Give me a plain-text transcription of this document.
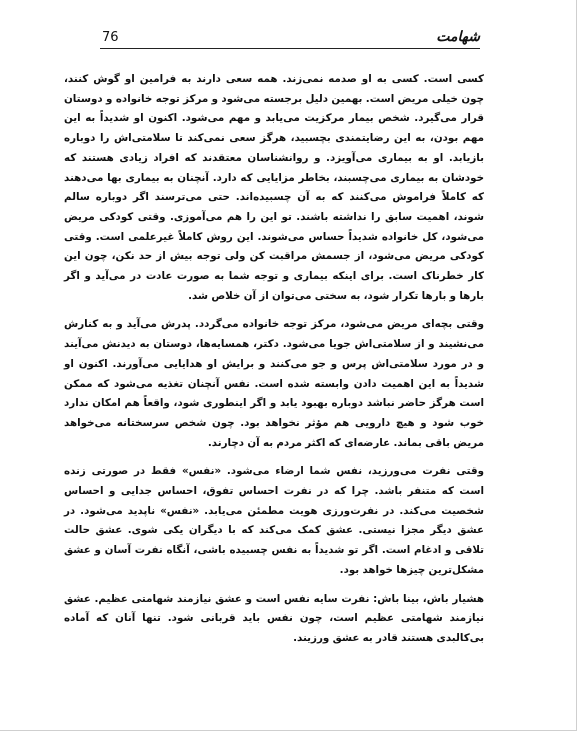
76	شهامت

کسی است. کسی به او صدمه نمی‌زند. همه سعی دارند به فرامین او گوش کنند، چون خیلی مریض است. بهمین دلیل برجسته می‌شود و مرکز توجه خانواده و دوستان قرار می‌گیرد. شخص بیمار مرکزیت می‌یابد و مهم می‌شود. اکنون او شدیداً به این مهم بودن، به این رضایتمندی بچسبید، هرگز سعی نمی‌کند تا سلامتی‌اش را دوباره بازیابد. او به بیماری می‌آویزد. و روانشناسان معتقدند که افراد زیادی هستند که خودشان به بیماری می‌چسبند، بخاطر مزایایی که دارد. آنچنان به بیماری بها می‌دهند که کاملاً فراموش می‌کنند که به آن چسبیده‌اند. حتی می‌ترسند اگر دوباره سالم شوند، اهمیت سابق را نداشته باشند. تو این را هم می‌آموزی. وقتی کودکی مریض می‌شود، کل خانواده شدیداً حساس می‌شوند. این روش کاملاً غیرعلمی است. وقتی کودکی مریض می‌شود، از جسمش مراقبت کن ولی توجه بیش از حد نکن، چون این کار خطرناک است. برای اینکه بیماری و توجه شما به صورت عادت در می‌آید و اگر بارها و بارها تکرار شود، به سختی می‌توان از آن خلاص شد.

وقتی بچه‌ای مریض می‌شود، مرکز توجه خانواده می‌گردد. پدرش می‌آید و به کنارش می‌نشیند و از سلامتی‌اش جویا می‌شود. دکتر، همسایه‌ها، دوستان به دیدنش می‌آیند و در مورد سلامتی‌اش پرس و جو می‌کنند و برایش او هدایایی می‌آورند. اکنون او شدیداً به این اهمیت دادن وابسته شده است. نفس آنچنان تغذیه می‌شود که ممکن است هرگز حاضر نباشد دوباره بهبود یابد و اگر اینطوری شود، واقعاً هم امکان ندارد خوب شود و هیچ دارویی هم مؤثر نخواهد بود. چون شخص سرسختانه می‌خواهد مریض باقی بماند. عارضه‌ای که اکثر مردم به آن دچارند.

وقتی نفرت می‌ورزید، نفس شما ارضاء می‌شود. «نفس» فقط در صورتی زنده است که متنفر باشد. چرا که در نفرت احساس تفوق، احساس جدایی و احساس شخصیت می‌کند. در نفرت‌ورزی هویت مطمئن می‌یابد. «نفس» ناپدید می‌شود. در عشق دیگر مجزا نیستی. عشق کمک می‌کند که با دیگران یکی شوی. عشق حالت تلاقی و ادغام است. اگر تو شدیداً به نفس چسبیده باشی، آنگاه نفرت آسان و عشق مشکل‌ترین چیزها خواهد بود.

هشیار باش، بینا باش: نفرت سایه نفس است و عشق نیازمند شهامتی عظیم. عشق نیازمند شهامتی عظیم است، چون نفس باید قربانی شود. تنها آنان که آماده بی‌کالبدی هستند قادر به عشق ورزیند.
